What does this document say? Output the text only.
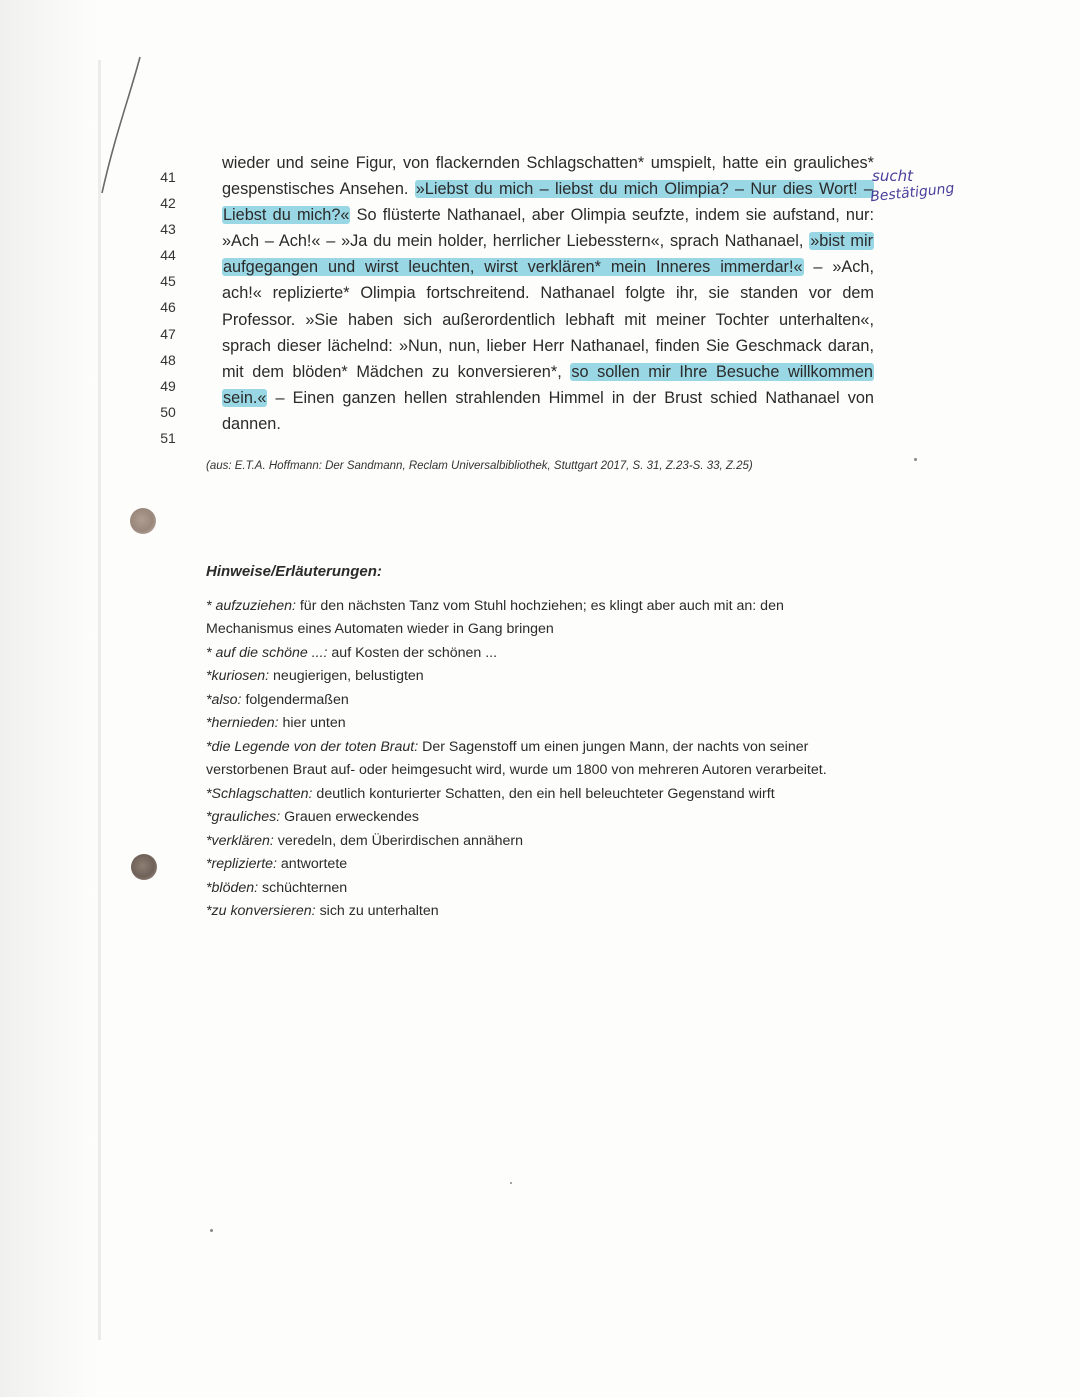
41
42
43
44
45
46
47
48
49
50
51
wieder und seine Figur, von flackernden Schlagschatten* umspielt, hatte ein grauliches*
gespenstisches Ansehen. »Liebst du mich – liebst du mich Olimpia? – Nur dies Wort! –
Liebst du mich?« So flüsterte Nathanael, aber Olimpia seufzte, indem sie aufstand, nur:
»Ach – Ach!« – »Ja du mein holder, herrlicher Liebesstern«, sprach Nathanael, »bist mir
aufgegangen und wirst leuchten, wirst verklären* mein Inneres immerdar!« – »Ach,
ach!« replizierte* Olimpia fortschreitend. Nathanael folgte ihr, sie standen vor dem
Professor. »Sie haben sich außerordentlich lebhaft mit meiner Tochter unterhalten«,
sprach dieser lächelnd: »Nun, nun, lieber Herr Nathanael, finden Sie Geschmack daran,
mit dem blöden* Mädchen zu konversieren*, so sollen mir Ihre Besuche willkommen
sein.« – Einen ganzen hellen strahlenden Himmel in der Brust schied Nathanael von
dannen.
sucht
Bestätigung
(aus: E.T.A. Hoffmann: Der Sandmann, Reclam Universalbibliothek, Stuttgart 2017, S. 31, Z.23-S. 33, Z.25)
Hinweise/Erläuterungen:
* aufzuziehen: für den nächsten Tanz vom Stuhl hochziehen; es klingt aber auch mit an: den
Mechanismus eines Automaten wieder in Gang bringen
* auf die schöne ...: auf Kosten der schönen ...
*kuriosen: neugierigen, belustigten
*also: folgendermaßen
*hernieden: hier unten
*die Legende von der toten Braut: Der Sagenstoff um einen jungen Mann, der nachts von seiner
verstorbenen Braut auf- oder heimgesucht wird, wurde um 1800 von mehreren Autoren verarbeitet.
*Schlagschatten: deutlich konturierter Schatten, den ein hell beleuchteter Gegenstand wirft
*grauliches: Grauen erweckendes
*verklären: veredeln, dem Überirdischen annähern
*replizierte: antwortete
*blöden: schüchternen
*zu konversieren: sich zu unterhalten
